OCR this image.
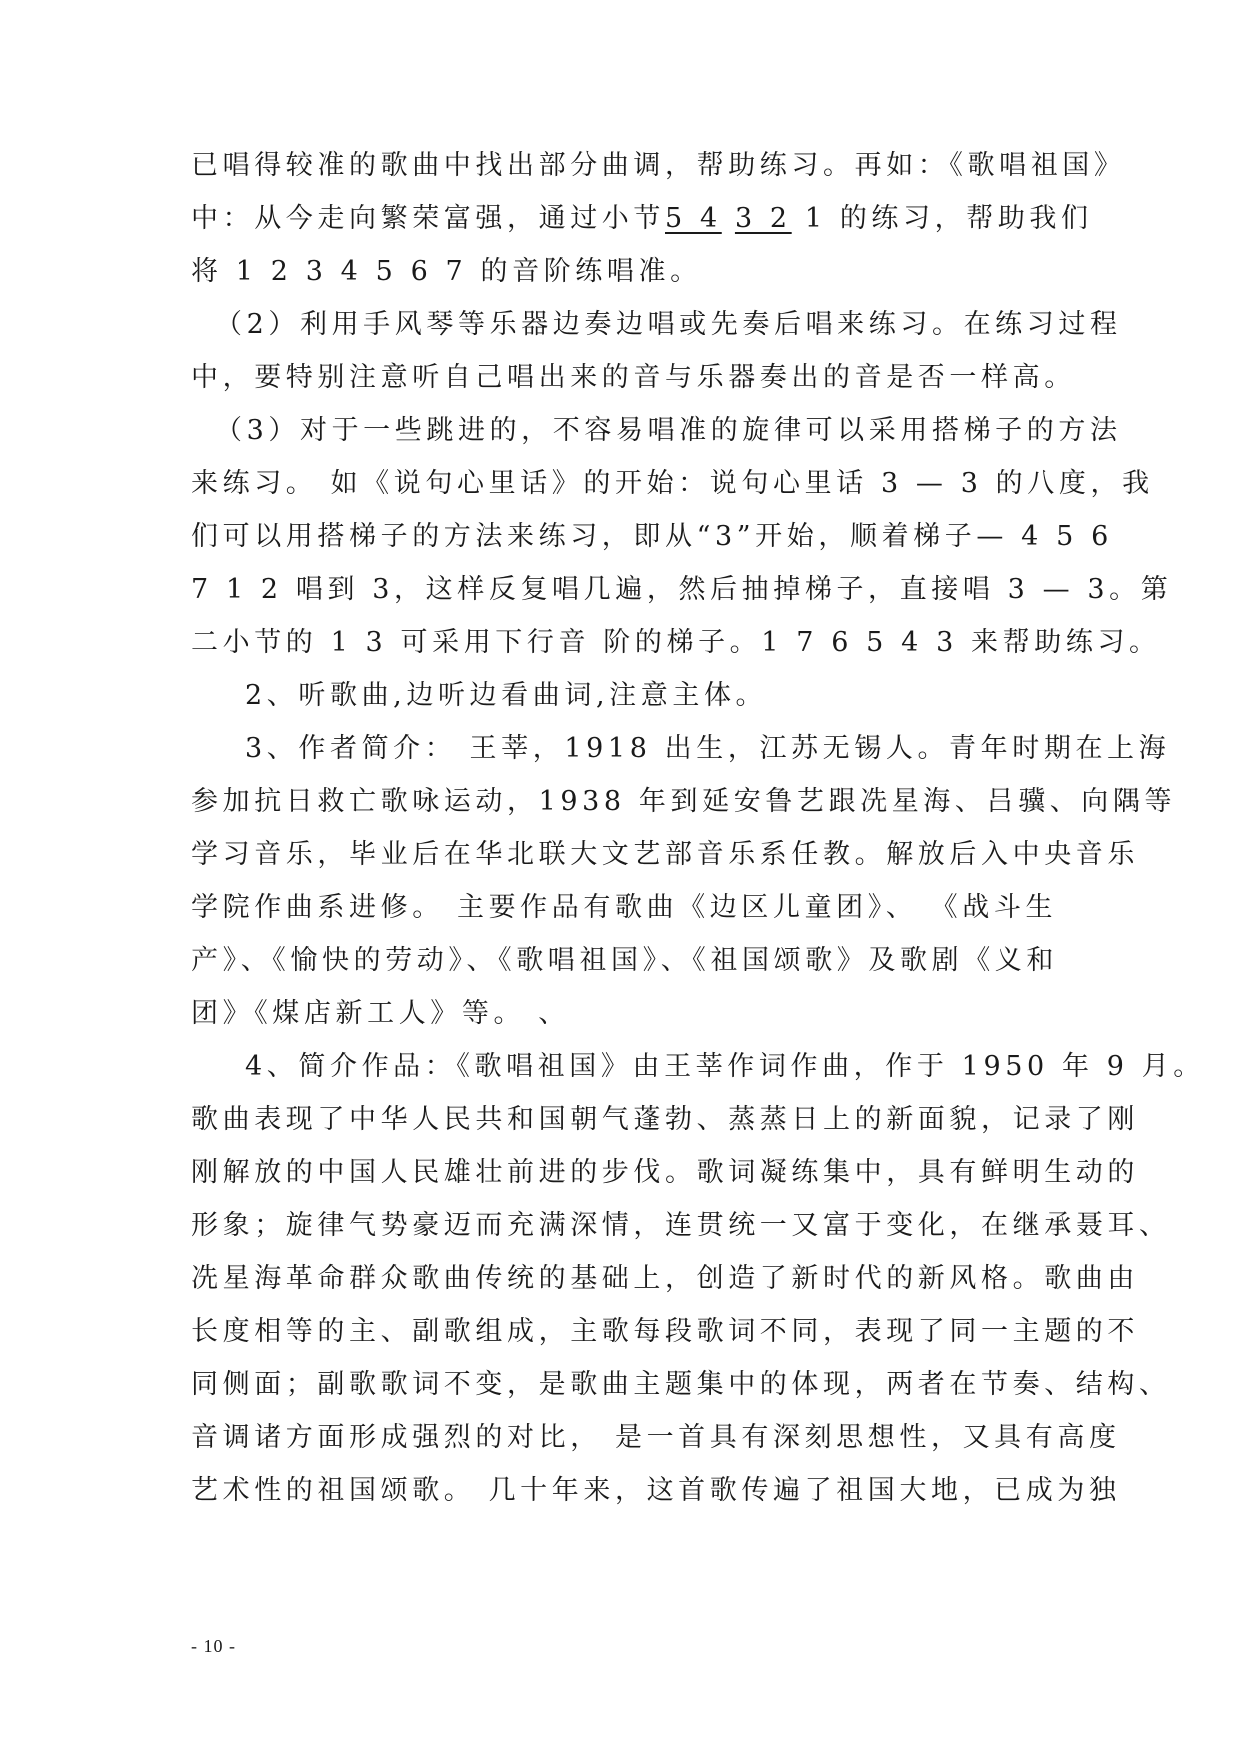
已唱得较准的歌曲中找出部分曲调，帮助练习。再如：《歌唱祖国》
中：从今走向繁荣富强，通过小节5 4 3 2 1 的练习，帮助我们
将 1 2 3 4 5 6 7 的音阶练唱准。
（2）利用手风琴等乐器边奏边唱或先奏后唱来练习。在练习过程
中，要特别注意听自己唱出来的音与乐器奏出的音是否一样高。
（3）对于一些跳进的，不容易唱准的旋律可以采用搭梯子的方法
来练习。 如《说句心里话》的开始：说句心里话 3 — 3 的八度，我
们可以用搭梯子的方法来练习，即从“3”开始，顺着梯子— 4 5 6
7 1 2 唱到 3，这样反复唱几遍，然后抽掉梯子，直接唱 3 — 3。第
二小节的 1 3 可采用下行音 阶的梯子。1 7 6 5 4 3 来帮助练习。
2、听歌曲,边听边看曲词,注意主体。
3、作者简介： 王莘，1918 出生，江苏无锡人。青年时期在上海
参加抗日救亡歌咏运动，1938 年到延安鲁艺跟冼星海、吕骥、向隅等
学习音乐，毕业后在华北联大文艺部音乐系任教。解放后入中央音乐
学院作曲系进修。 主要作品有歌曲《边区儿童团》、 《战斗生
产》、《愉快的劳动》、《歌唱祖国》、《祖国颂歌》及歌剧《义和
团》《煤店新工人》等。 、
4、简介作品：《歌唱祖国》由王莘作词作曲，作于 1950 年 9 月。
歌曲表现了中华人民共和国朝气蓬勃、蒸蒸日上的新面貌，记录了刚
刚解放的中国人民雄壮前进的步伐。歌词凝练集中，具有鲜明生动的
形象；旋律气势豪迈而充满深情，连贯统一又富于变化，在继承聂耳、
冼星海革命群众歌曲传统的基础上，创造了新时代的新风格。歌曲由
长度相等的主、副歌组成，主歌每段歌词不同，表现了同一主题的不
同侧面；副歌歌词不变，是歌曲主题集中的体现，两者在节奏、结构、
音调诸方面形成强烈的对比， 是一首具有深刻思想性，又具有高度
艺术性的祖国颂歌。 几十年来，这首歌传遍了祖国大地，已成为独
- 10 -
